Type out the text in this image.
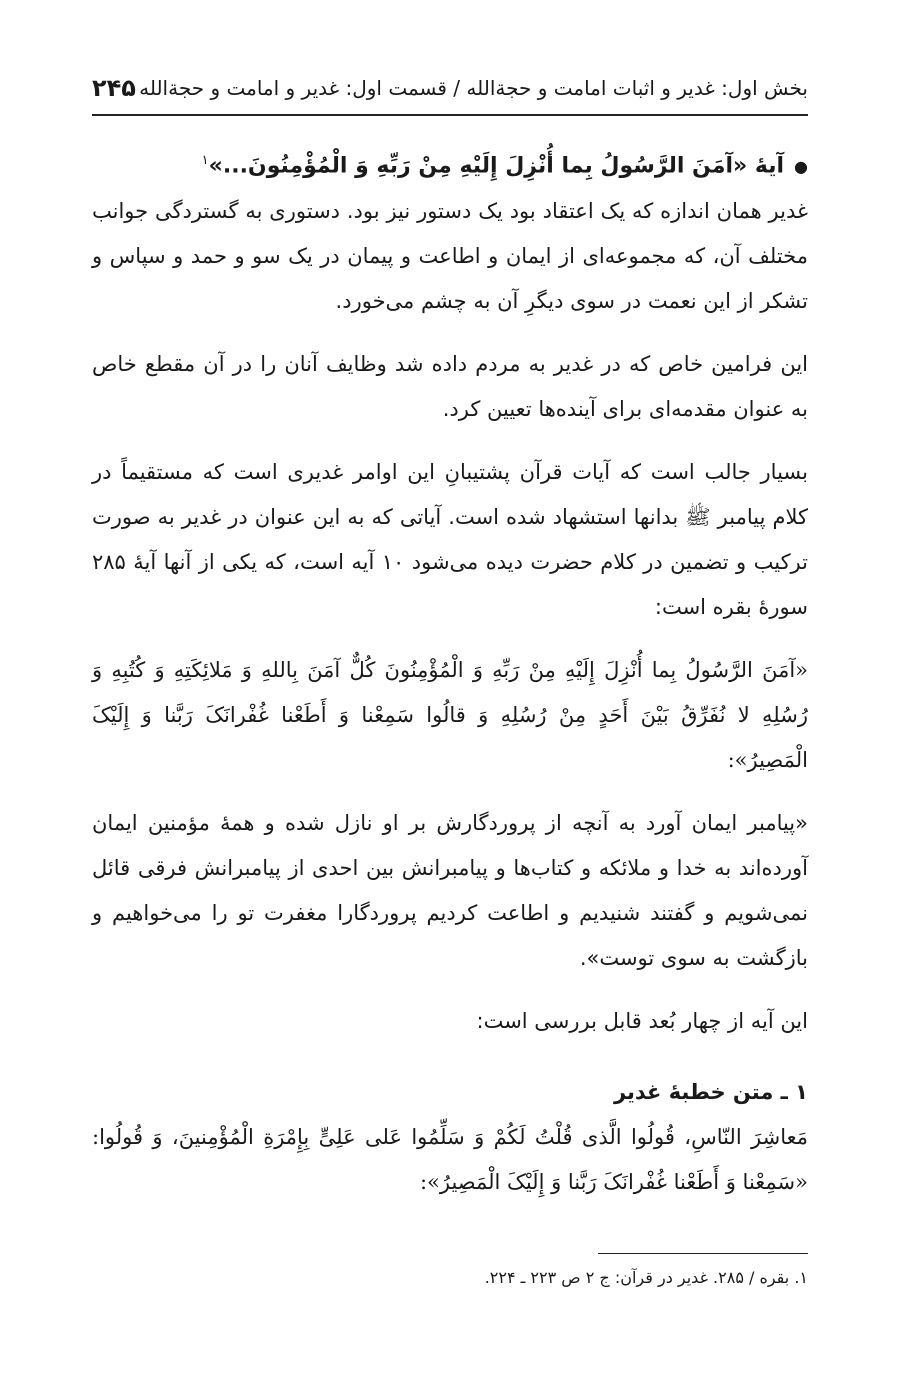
بخش اول: غدیر و اثبات امامت و حجةالله / قسمت اول: غدیر و امامت و حجةالله
۲۴۵

●آیهٔ «آمَنَ الرَّسُولُ بِما أُنْزِلَ إِلَیْهِ مِنْ رَبِّهِ وَ الْمُؤْمِنُونَ...»$^۱$

غدیر همان اندازه که یک اعتقاد بود یک دستور نیز بود. دستوری به گستردگی جوانب مختلف آن، که مجموعه‌ای از ایمان و اطاعت و پیمان در یک سو و حمد و سپاس و تشکر از این نعمت در سوی دیگرِ آن به چشم می‌خورد.

این فرامین خاص که در غدیر به مردم داده شد وظایف آنان را در آن مقطع خاص به عنوان مقدمه‌ای برای آینده‌ها تعیین کرد.

بسیار جالب است که آیات قرآن پشتیبانِ این اوامر غدیری است که مستقیماً در کلام پیامبر ﷺ بدانها استشهاد شده است. آیاتی که به این عنوان در غدیر به صورت ترکیب و تضمین در کلام حضرت دیده می‌شود ۱۰ آیه است، که یکی از آنها آیهٔ ۲۸۵ سورهٔ بقره است:

«آمَنَ الرَّسُولُ بِما أُنْزِلَ إِلَیْهِ مِنْ رَبِّهِ وَ الْمُؤْمِنُونَ کُلٌّ آمَنَ بِاللهِ وَ مَلائِکَتِهِ وَ کُتُبِهِ وَ رُسُلِهِ لا نُفَرِّقُ بَیْنَ أَحَدٍ مِنْ رُسُلِهِ وَ قالُوا سَمِعْنا وَ أَطَعْنا غُفْرانَکَ رَبَّنا وَ إِلَیْکَ الْمَصِیرُ»:

«پیامبر ایمان آورد به آنچه از پروردگارش بر او نازل شده و همهٔ مؤمنین ایمان آورده‌اند به خدا و ملائکه و کتاب‌ها و پیامبرانش بین احدی از پیامبرانش فرقی قائل نمی‌شویم و گفتند شنیدیم و اطاعت کردیم پروردگارا مغفرت تو را می‌خواهیم و بازگشت به سوی توست».

این آیه از چهار بُعد قابل بررسی است:

۱ ـ متن خطبهٔ غدیر

مَعاشِرَ النّاسِ، قُولُوا الَّذی قُلْتُ لَکُمْ وَ سَلِّمُوا عَلی عَلِیٍّ بِإِمْرَةِ الْمُؤْمِنینَ، وَ قُولُوا: «سَمِعْنا وَ أَطَعْنا غُفْرانَکَ رَبَّنا وَ إِلَیْکَ الْمَصِیرُ»:

۱. بقره / ۲۸۵. غدیر در قرآن: ج ۲ ص ۲۲۳ ـ ۲۲۴.
